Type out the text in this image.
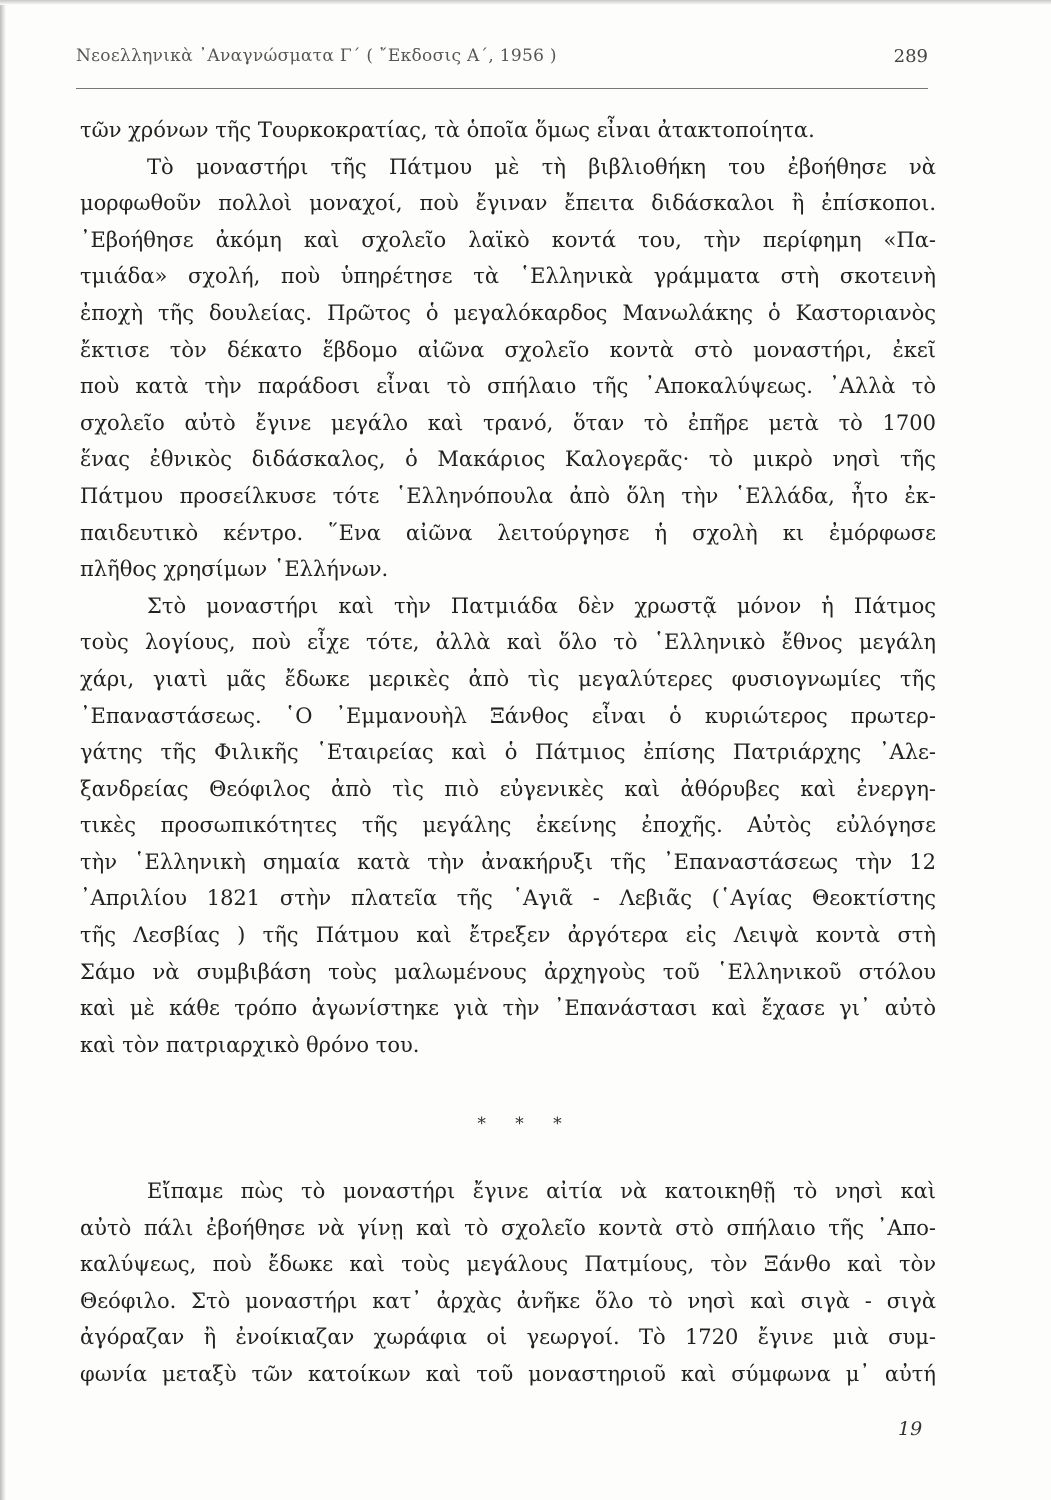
Νεοελληνικὰ ᾿Αναγνώσματα Γ΄ ( ῎Εκδοσις Α΄, 1956 )	289
τῶν χρόνων τῆς Τουρκοκρατίας, τὰ ὁποῖα ὅμως εἶναι ἀτακτοποίητα.
Τὸ μοναστήρι τῆς Πάτμου μὲ τὴ βιβλιοθήκη του ἐβοήθησε νὰ
μορφωθοῦν πολλοὶ μοναχοί, ποὺ ἔγιναν ἔπειτα διδάσκαλοι ἢ ἐπίσκοποι.
᾿Εβοήθησε ἀκόμη καὶ σχολεῖο λαϊκὸ κοντά του, τὴν περίφημη «Πα-
τμιάδα» σχολή, ποὺ ὑπηρέτησε τὰ ῾Ελληνικὰ γράμματα στὴ σκοτεινὴ
ἐποχὴ τῆς δουλείας. Πρῶτος ὁ μεγαλόκαρδος Μανωλάκης ὁ Καστοριανὸς
ἔκτισε τὸν δέκατο ἕβδομο αἰῶνα σχολεῖο κοντὰ στὸ μοναστήρι, ἐκεῖ
ποὺ κατὰ τὴν παράδοσι εἶναι τὸ σπήλαιο τῆς ᾿Αποκαλύψεως. ᾿Αλλὰ τὸ
σχολεῖο αὐτὸ ἔγινε μεγάλο καὶ τρανό, ὅταν τὸ ἐπῆρε μετὰ τὸ 1700
ἕνας ἐθνικὸς διδάσκαλος, ὁ Μακάριος Καλογερᾶς· τὸ μικρὸ νησὶ τῆς
Πάτμου προσείλκυσε τότε ῾Ελληνόπουλα ἀπὸ ὅλη τὴν ῾Ελλάδα, ἦτο ἐκ-
παιδευτικὸ κέντρο. ῞Ενα αἰῶνα λειτούργησε ἡ σχολὴ κι ἐμόρφωσε
πλῆθος χρησίμων ῾Ελλήνων.
Στὸ μοναστήρι καὶ τὴν Πατμιάδα δὲν χρωστᾷ μόνον ἡ Πάτμος
τοὺς λογίους, ποὺ εἶχε τότε, ἀλλὰ καὶ ὅλο τὸ ῾Ελληνικὸ ἔθνος μεγάλη
χάρι, γιατὶ μᾶς ἔδωκε μερικὲς ἀπὸ τὶς μεγαλύτερες φυσιογνωμίες τῆς
᾿Επαναστάσεως. ῾Ο ᾿Εμμανουὴλ Ξάνθος εἶναι ὁ κυριώτερος πρωτερ-
γάτης τῆς Φιλικῆς ῾Εταιρείας καὶ ὁ Πάτμιος ἐπίσης Πατριάρχης ᾿Αλε-
ξανδρείας Θεόφιλος ἀπὸ τὶς πιὸ εὐγενικὲς καὶ ἀθόρυβες καὶ ἐνεργη-
τικὲς προσωπικότητες τῆς μεγάλης ἐκείνης ἐποχῆς. Αὐτὸς εὐλόγησε
τὴν ῾Ελληνικὴ σημαία κατὰ τὴν ἀνακήρυξι τῆς ᾿Επαναστάσεως τὴν 12
᾿Απριλίου 1821 στὴν πλατεῖα τῆς ῾Αγιᾶ - Λεβιᾶς (῾Αγίας Θεοκτίστης
τῆς Λεσβίας ) τῆς Πάτμου καὶ ἔτρεξεν ἀργότερα εἰς Λειψὰ κοντὰ στὴ
Σάμο νὰ συμβιβάση τοὺς μαλωμένους ἀρχηγοὺς τοῦ ῾Ελληνικοῦ στόλου
καὶ μὲ κάθε τρόπο ἀγωνίστηκε γιὰ τὴν ᾿Επανάστασι καὶ ἔχασε γι᾿ αὐτὸ
καὶ τὸν πατριαρχικὸ θρόνο του.
* * *
Εἴπαμε πὼς τὸ μοναστήρι ἔγινε αἰτία νὰ κατοικηθῇ τὸ νησὶ καὶ
αὐτὸ πάλι ἐβοήθησε νὰ γίνῃ καὶ τὸ σχολεῖο κοντὰ στὸ σπήλαιο τῆς ᾿Απο-
καλύψεως, ποὺ ἔδωκε καὶ τοὺς μεγάλους Πατμίους, τὸν Ξάνθο καὶ τὸν
Θεόφιλο. Στὸ μοναστήρι κατ᾿ ἀρχὰς ἀνῆκε ὅλο τὸ νησὶ καὶ σιγὰ - σιγὰ
ἀγόραζαν ἢ ἐνοίκιαζαν χωράφια οἱ γεωργοί. Τὸ 1720 ἔγινε μιὰ συμ-
φωνία μεταξὺ τῶν κατοίκων καὶ τοῦ μοναστηριοῦ καὶ σύμφωνα μ᾿ αὐτή
19
